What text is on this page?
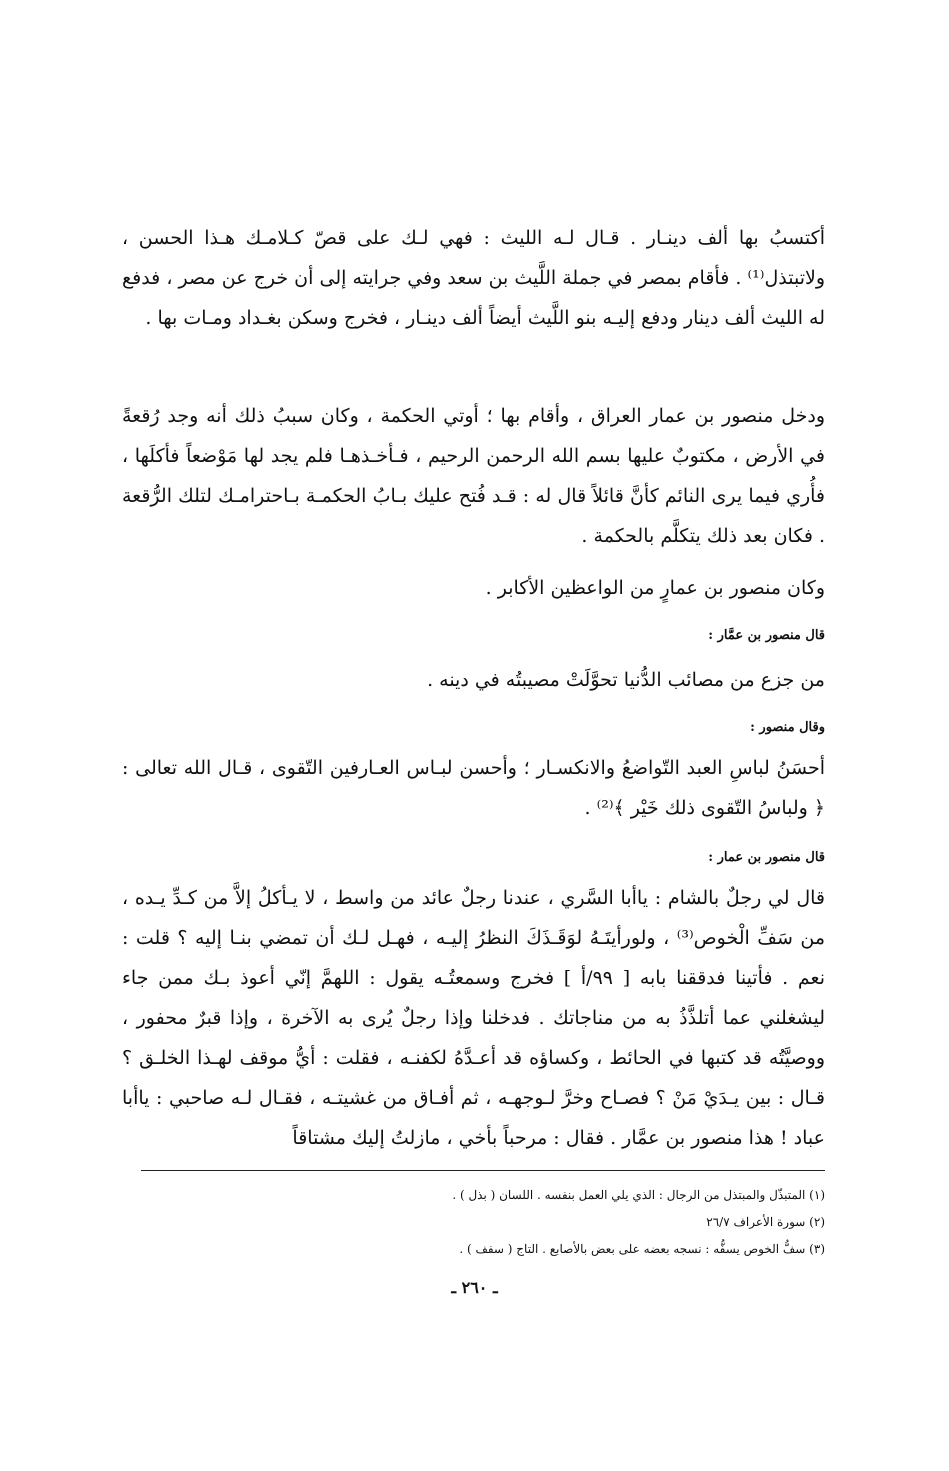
أكتسبُ بها ألف دينـار . قـال لـه الليث : فهي لـك على قصّ كـلامـك هـذا الحسن ، ولاتبتذل⁽¹⁾ . فأقام بمصر في جملة اللَّيث بن سعد وفي جرايته إلى أن خرج عن مصر ، فدفع له الليث ألف دينار ودفع إليـه بنو اللَّيث أيضاً ألف دينـار ، فخرج وسكن بغـداد ومـات بها .

ودخل منصور بن عمار العراق ، وأقام بها ؛ أوتي الحكمة ، وكان سببُ ذلك أنه وجد رُقعةً في الأرض ، مكتوبٌ عليها بسم الله الرحمن الرحيم ، فـأخـذهـا فلم يجد لها مَوْضعاً فأكلَها ، فأُري فيما يرى النائم كأنَّ قائلاً قال له : قـد فُتح عليك بـابُ الحكمـة بـاحترامـك لتلك الرُّقعة . فكان بعد ذلك يتكلَّم بالحكمة .

وكان منصور بن عمارٍ من الواعظين الأكابر .

قال منصور بن عمَّار :

من جزع من مصائب الدُّنيا تحوَّلَتْ مصيبتُه في دينه .

وقال منصور :

أحسَنُ لباسِ العبد التّواضعُ والانكسـار ؛ وأحسن لبـاس العـارفين التّقوى ، قـال الله تعالى : ﴿ ولباسُ التّقوى ذلك خَيْر ﴾⁽²⁾ .

قال منصور بن عمار :

قال لي رجلٌ بالشام : ياأبا السَّري ، عندنا رجلٌ عائد من واسط ، لا يـأكلُ إلاَّ من كـدِّ يـده ، من سَفِّ الْخوص⁽³⁾ ، ولورأيتَـهُ لوَقَـذَكَ النظرُ إليـه ، فهـل لـك أن تمضي بنـا إليه ؟ قلت : نعم . فأتينا فدققنا بابه [ ٩٩/أ ] فخرج وسمعتُـه يقول : اللهمَّ إنّي أعوذ بـك ممن جاء ليشغلني عما أتلذَّذُ به من مناجاتك . فدخلنا وإذا رجلٌ يُرى به الآخرة ، وإذا قبرٌ محفور ، ووصيَّتُه قد كتبها في الحائط ، وكساؤه قد أعـدَّهُ لكفنـه ، فقلت : أيُّ موقف لهـذا الخلـق ؟ قـال : بين يـدَيْ مَنْ ؟ فصـاح وخرَّ لـوجهـه ، ثم أفـاق من غشيتـه ، فقـال لـه صاحبي : ياأبا عباد ! هذا منصور بن عمَّار . فقال : مرحباً بأخي ، مازلتُ إليك مشتاقاً

(١) المتبذّل والمبتذل من الرجال : الذي يلي العمل بنفسه . اللسان ( بذل ) .

(٢) سورة الأعراف ٢٦/٧

(٣) سفُّ الخوص يسفُّه : نسجه بعضه على بعض بالأصابع . التاج ( سفف ) .

ـ ٢٦٠ ـ
